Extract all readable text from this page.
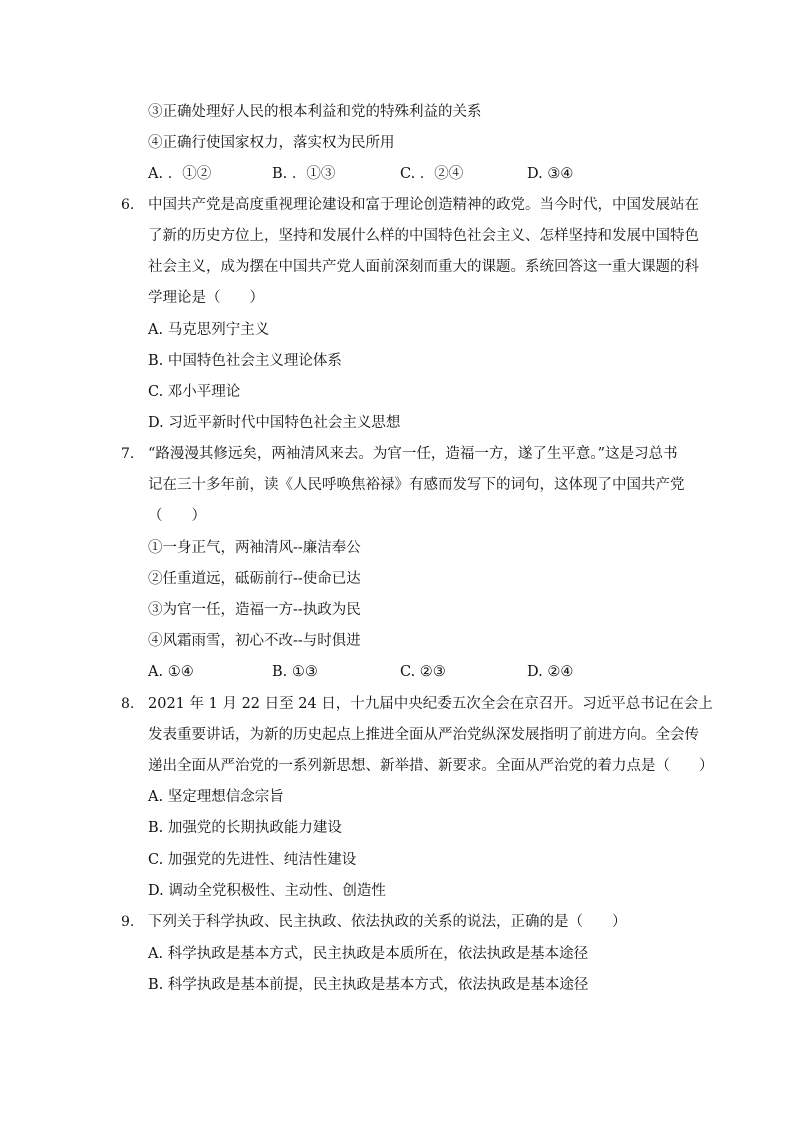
③正确处理好人民的根本利益和党的特殊利益的关系
④正确行使国家权力，落实权为民所用
A. ．①②	B. ．①③	C. ．②④	D. ③④
6. 中国共产党是高度重视理论建设和富于理论创造精神的政党。当今时代，中国发展站在
了新的历史方位上，坚持和发展什么样的中国特色社会主义、怎样坚持和发展中国特色
社会主义，成为摆在中国共产党人面前深刻而重大的课题。系统回答这一重大课题的科
学理论是（　　）
A. 马克思列宁主义
B. 中国特色社会主义理论体系
C. 邓小平理论
D. 习近平新时代中国特色社会主义思想
7. “路漫漫其修远矣，两袖清风来去。为官一任，造福一方，遂了生平意。”这是习总书
记在三十多年前，读《人民呼唤焦裕禄》有感而发写下的词句，这体现了中国共产党
（　　）
①一身正气，两袖清风--廉洁奉公
②任重道远，砥砺前行--使命已达
③为官一任，造福一方--执政为民
④风霜雨雪，初心不改--与时俱进
A. ①④	B. ①③	C. ②③	D. ②④
8. 2021 年 1 月 22 日至 24 日，十九届中央纪委五次全会在京召开。习近平总书记在会上
发表重要讲话，为新的历史起点上推进全面从严治党纵深发展指明了前进方向。全会传
递出全面从严治党的一系列新思想、新举措、新要求。全面从严治党的着力点是（　　）
A. 坚定理想信念宗旨
B. 加强党的长期执政能力建设
C. 加强党的先进性、纯洁性建设
D. 调动全党积极性、主动性、创造性
9. 下列关于科学执政、民主执政、依法执政的关系的说法，正确的是（　　）
A. 科学执政是基本方式，民主执政是本质所在，依法执政是基本途径
B. 科学执政是基本前提，民主执政是基本方式，依法执政是基本途径
